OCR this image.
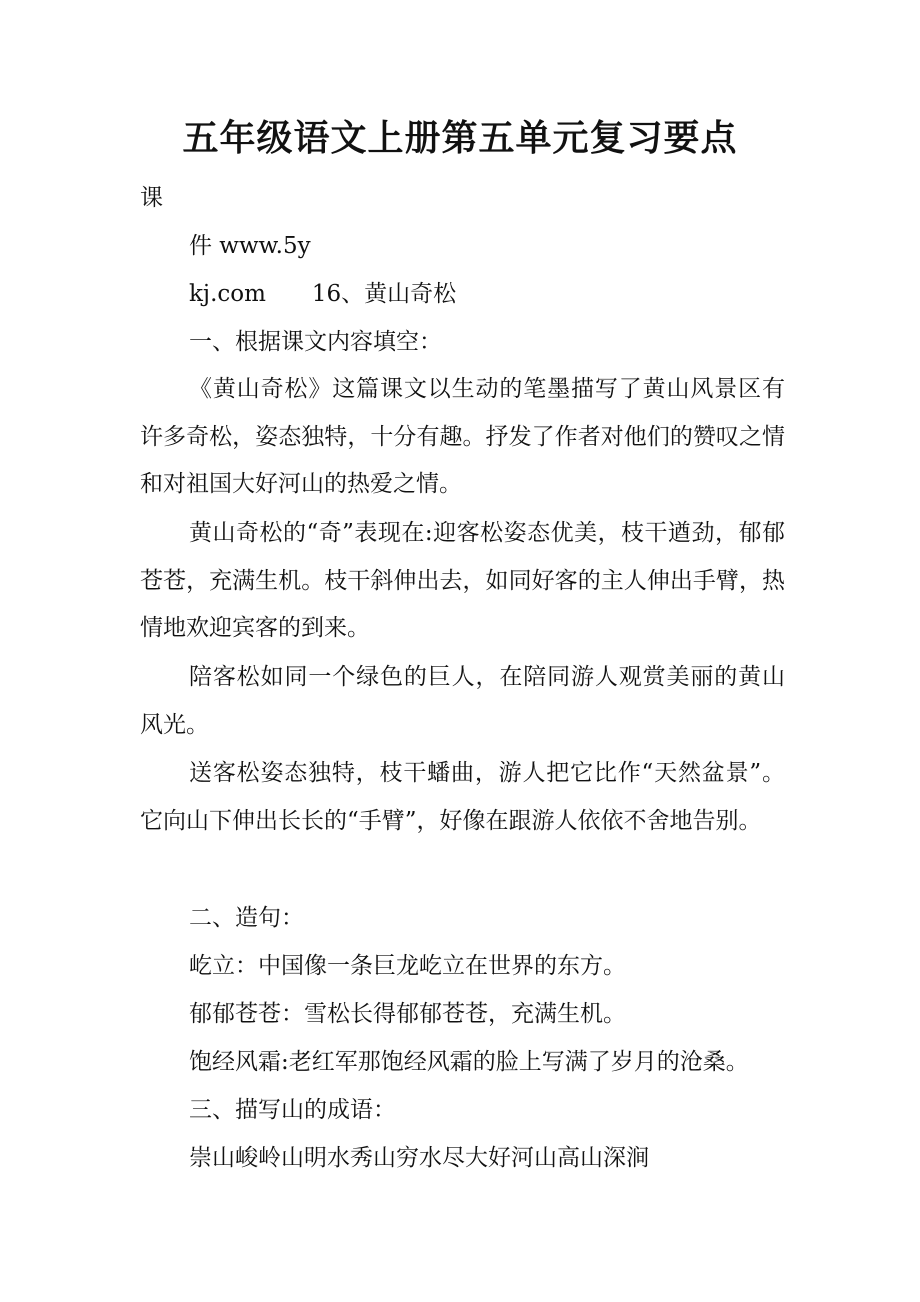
五年级语文上册第五单元复习要点
课
件 www.5y
kj.com　　16、黄山奇松
一、根据课文内容填空：

《黄山奇松》这篇课文以生动的笔墨描写了黄山风景区有许多奇松，姿态独特，十分有趣。抒发了作者对他们的赞叹之情和对祖国大好河山的热爱之情。

黄山奇松的“奇”表现在:迎客松姿态优美，枝干遒劲，郁郁苍苍，充满生机。枝干斜伸出去，如同好客的主人伸出手臂，热情地欢迎宾客的到来。

陪客松如同一个绿色的巨人，在陪同游人观赏美丽的黄山风光。

送客松姿态独特，枝干蟠曲，游人把它比作“天然盆景”。它向山下伸出长长的“手臂”，好像在跟游人依依不舍地告别。

二、造句：
屹立：中国像一条巨龙屹立在世界的东方。
郁郁苍苍：雪松长得郁郁苍苍，充满生机。
饱经风霜:老红军那饱经风霜的脸上写满了岁月的沧桑。
三、描写山的成语：
崇山峻岭山明水秀山穷水尽大好河山高山深涧
